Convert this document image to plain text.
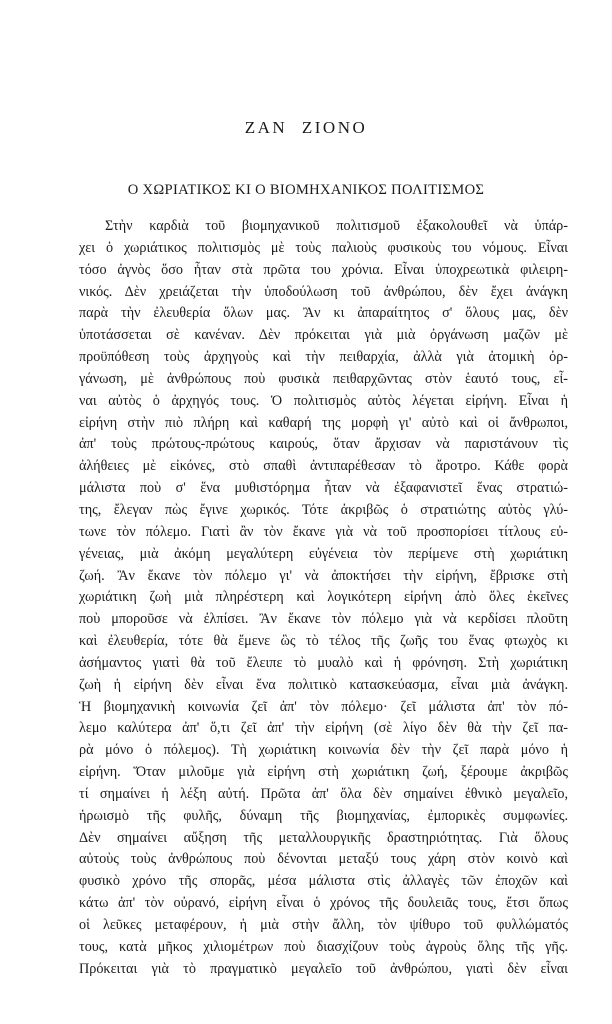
ΖΑΝ ΖΙΟΝΟ
Ο ΧΩΡΙΑΤΙΚΟΣ ΚΙ Ο ΒΙΟΜΗΧΑΝΙΚΟΣ ΠΟΛΙΤΙΣΜΟΣ
Στὴν καρδιὰ τοῦ βιομηχανικοῦ πολιτισμοῦ ἐξακολουθεῖ νὰ ὑπάρ-
χει ὁ χωριάτικος πολιτισμὸς μὲ τοὺς παλιοὺς φυσικοὺς του νόμους. Εἶναι
τόσο ἁγνὸς ὅσο ἦταν στὰ πρῶτα του χρόνια. Εἶναι ὑποχρεωτικὰ φιλειρη-
νικός. Δὲν χρειάζεται τὴν ὑποδούλωση τοῦ ἀνθρώπου, δὲν ἔχει ἀνάγκη
παρὰ τὴν ἐλευθερία ὅλων μας. Ἂν κι ἀπαραίτητος σ' ὅλους μας, δὲν
ὑποτάσσεται σὲ κανέναν. Δὲν πρόκειται γιὰ μιὰ ὀργάνωση μαζῶν μὲ
προϋπόθεση τοὺς ἀρχηγοὺς καὶ τὴν πειθαρχία, ἀλλὰ γιὰ ἀτομικὴ ὀρ-
γάνωση, μὲ ἀνθρώπους ποὺ φυσικὰ πειθαρχῶντας στὸν ἑαυτό τους, εἶ-
ναι αὐτὸς ὁ ἀρχηγός τους. Ὁ πολιτισμὸς αὐτὸς λέγεται εἰρήνη. Εἶναι ἡ
εἰρήνη στὴν πιὸ πλήρη καὶ καθαρή της μορφὴ γι' αὐτὸ καὶ οἱ ἄνθρωποι,
ἀπ' τοὺς πρώτους-πρώτους καιρούς, ὅταν ἄρχισαν νὰ παριστάνουν τὶς
ἀλήθειες μὲ εἰκόνες, στὸ σπαθὶ ἀντιπαρέθεσαν τὸ ἄροτρο. Κάθε φορὰ
μάλιστα ποὺ σ' ἕνα μυθιστόρημα ἦταν νὰ ἐξαφανιστεῖ ἕνας στρατιώ-
της, ἔλεγαν πὼς ἔγινε χωρικός. Τότε ἀκριβῶς ὁ στρατιώτης αὐτὸς γλύ-
τωνε τὸν πόλεμο. Γιατὶ ἂν τὸν ἔκανε γιὰ νὰ τοῦ προσπορίσει τίτλους εὐ-
γένειας, μιὰ ἀκόμη μεγαλύτερη εὐγένεια τὸν περίμενε στὴ χωριάτικη
ζωή. Ἂν ἔκανε τὸν πόλεμο γι' νὰ ἀποκτήσει τὴν εἰρήνη, ἔβρισκε στὴ
χωριάτικη ζωὴ μιὰ πληρέστερη καὶ λογικότερη εἰρήνη ἀπὸ ὅλες ἐκεῖνες
ποὺ μποροῦσε νὰ ἐλπίσει. Ἂν ἔκανε τὸν πόλεμο γιὰ νὰ κερδίσει πλοῦτη
καὶ ἐλευθερία, τότε θὰ ἔμενε ὣς τὸ τέλος τῆς ζωῆς του ἕνας φτωχὸς κι
ἀσήμαντος γιατὶ θὰ τοῦ ἔλειπε τὸ μυαλὸ καὶ ἡ φρόνηση. Στὴ χωριάτικη
ζωὴ ἡ εἰρήνη δὲν εἶναι ἕνα πολιτικὸ κατασκεύασμα, εἶναι μιὰ ἀνάγκη.
Ἡ βιομηχανικὴ κοινωνία ζεῖ ἀπ' τὸν πόλεμο· ζεῖ μάλιστα ἀπ' τὸν πό-
λεμο καλύτερα ἀπ' ὅ,τι ζεῖ ἀπ' τὴν εἰρήνη (σὲ λίγο δὲν θὰ τὴν ζεῖ πα-
ρὰ μόνο ὁ πόλεμος). Τὴ χωριάτικη κοινωνία δὲν τὴν ζεῖ παρὰ μόνο ἡ
εἰρήνη. Ὅταν μιλοῦμε γιὰ εἰρήνη στὴ χωριάτικη ζωή, ξέρουμε ἀκριβῶς
τί σημαίνει ἡ λέξη αὐτή. Πρῶτα ἀπ' ὅλα δὲν σημαίνει ἐθνικὸ μεγαλεῖο,
ἡρωισμὸ τῆς φυλῆς, δύναμη τῆς βιομηχανίας, ἐμπορικὲς συμφωνίες.
Δὲν σημαίνει αὔξηση τῆς μεταλλουργικῆς δραστηριότητας. Γιὰ ὅλους
αὐτοὺς τοὺς ἀνθρώπους ποὺ δένονται μεταξύ τους χάρη στὸν κοινὸ καὶ
φυσικὸ χρόνο τῆς σπορᾶς, μέσα μάλιστα στὶς ἀλλαγὲς τῶν ἐποχῶν καὶ
κάτω ἀπ' τὸν οὐρανό, εἰρήνη εἶναι ὁ χρόνος τῆς δουλειᾶς τους, ἔτσι ὅπως
οἱ λεῦκες μεταφέρουν, ἡ μιὰ στὴν ἄλλη, τὸν ψίθυρο τοῦ φυλλώματός
τους, κατὰ μῆκος χιλιομέτρων ποὺ διασχίζουν τοὺς ἀγροὺς ὅλης τῆς γῆς.
Πρόκειται γιὰ τὸ πραγματικὸ μεγαλεῖο τοῦ ἀνθρώπου, γιατὶ δὲν εἶναι
